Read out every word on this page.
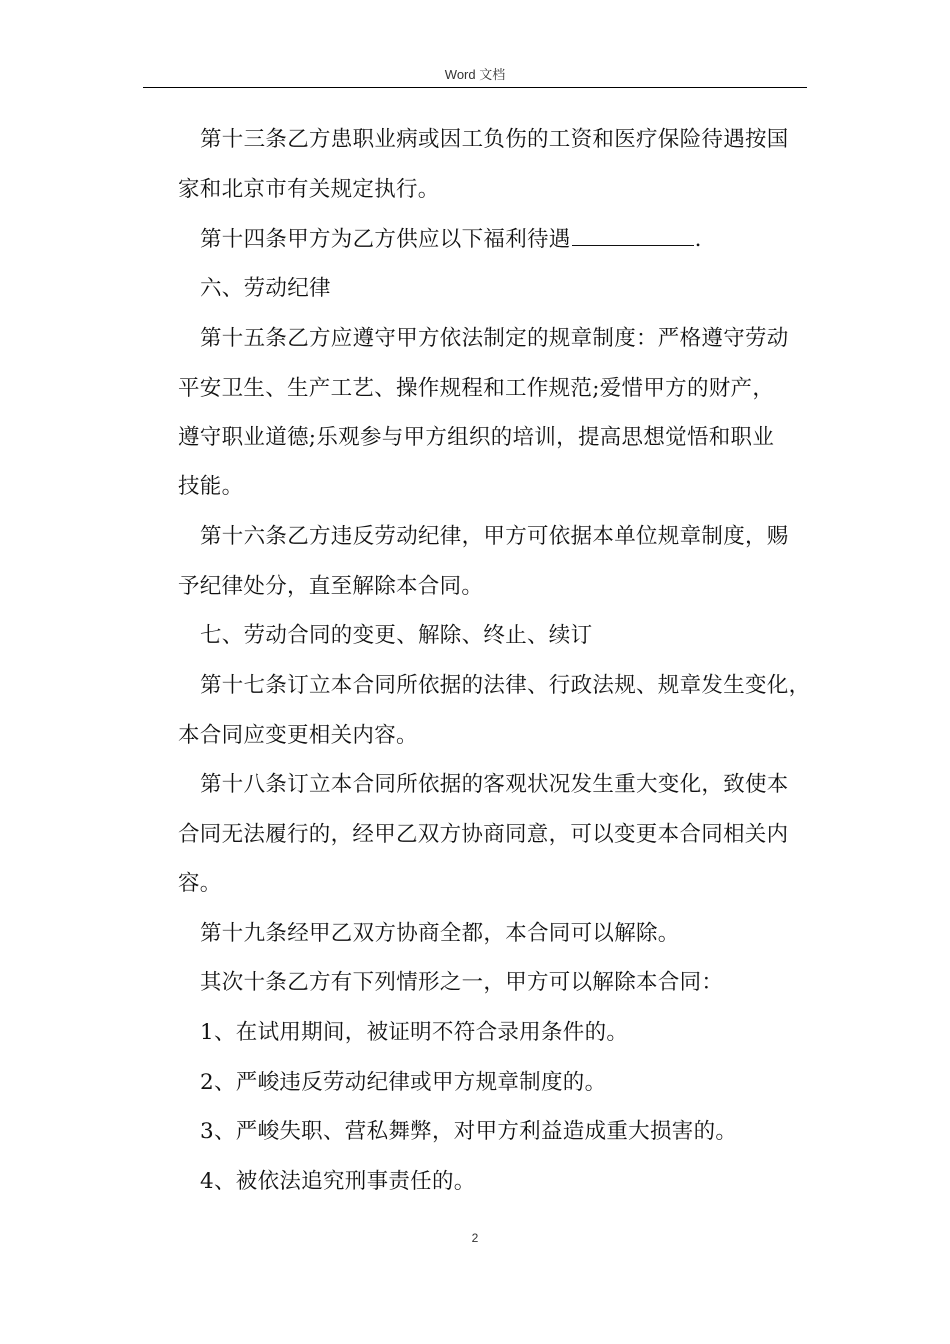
Word 文档
第十三条乙方患职业病或因工负伤的工资和医疗保险待遇按国
家和北京市有关规定执行。
第十四条甲方为乙方供应以下福利待遇	.
六、劳动纪律
第十五条乙方应遵守甲方依法制定的规章制度：严格遵守劳动
平安卫生、生产工艺、操作规程和工作规范;爱惜甲方的财产，
遵守职业道德;乐观参与甲方组织的培训，提高思想觉悟和职业
技能。
第十六条乙方违反劳动纪律，甲方可依据本单位规章制度，赐
予纪律处分，直至解除本合同。
七、劳动合同的变更、解除、终止、续订
第十七条订立本合同所依据的法律、行政法规、规章发生变化，
本合同应变更相关内容。
第十八条订立本合同所依据的客观状况发生重大变化，致使本
合同无法履行的，经甲乙双方协商同意，可以变更本合同相关内
容。
第十九条经甲乙双方协商全都，本合同可以解除。
其次十条乙方有下列情形之一，甲方可以解除本合同：
1、在试用期间，被证明不符合录用条件的。
2、严峻违反劳动纪律或甲方规章制度的。
3、严峻失职、营私舞弊，对甲方利益造成重大损害的。
4、被依法追究刑事责任的。
2
